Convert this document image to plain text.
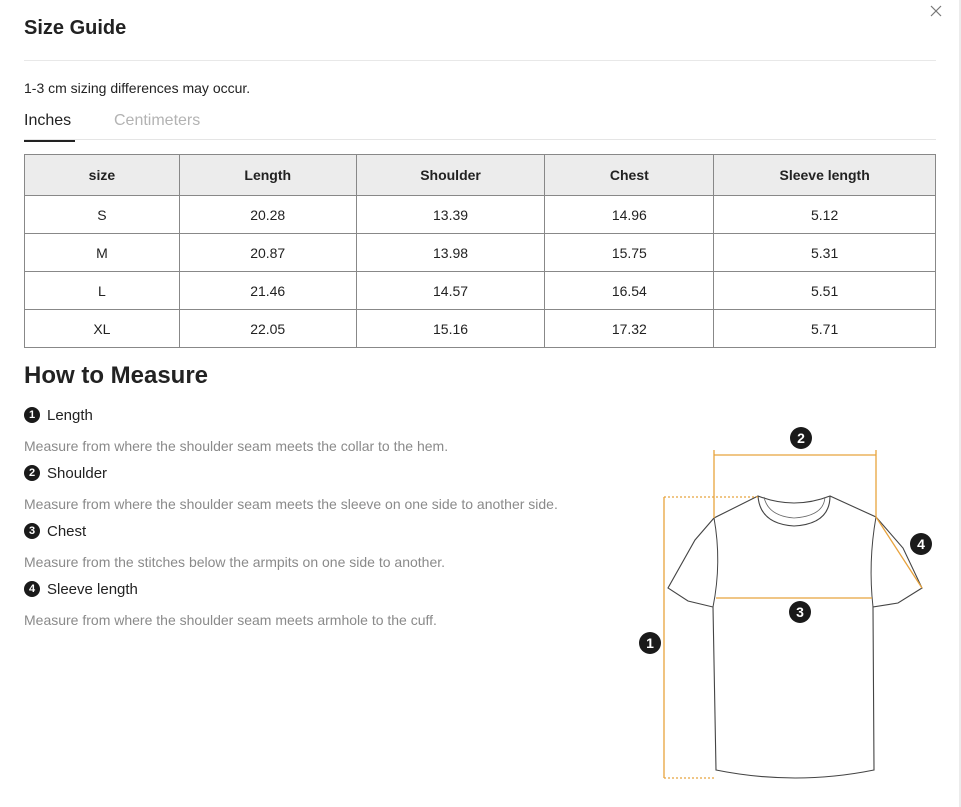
Size Guide
1-3 cm sizing differences may occur.
Inches	Centimeters
size	Length	Shoulder	Chest	Sleeve length
S	20.28	13.39	14.96	5.12
M	20.87	13.98	15.75	5.31
L	21.46	14.57	16.54	5.51
XL	22.05	15.16	17.32	5.71
How to Measure
1 Length
Measure from where the shoulder seam meets the collar to the hem.
2 Shoulder
Measure from where the shoulder seam meets the sleeve on one side to another side.
3 Chest
Measure from the stitches below the armpits on one side to another.
4 Sleeve length
Measure from where the shoulder seam meets armhole to the cuff.
1
2
3
4
